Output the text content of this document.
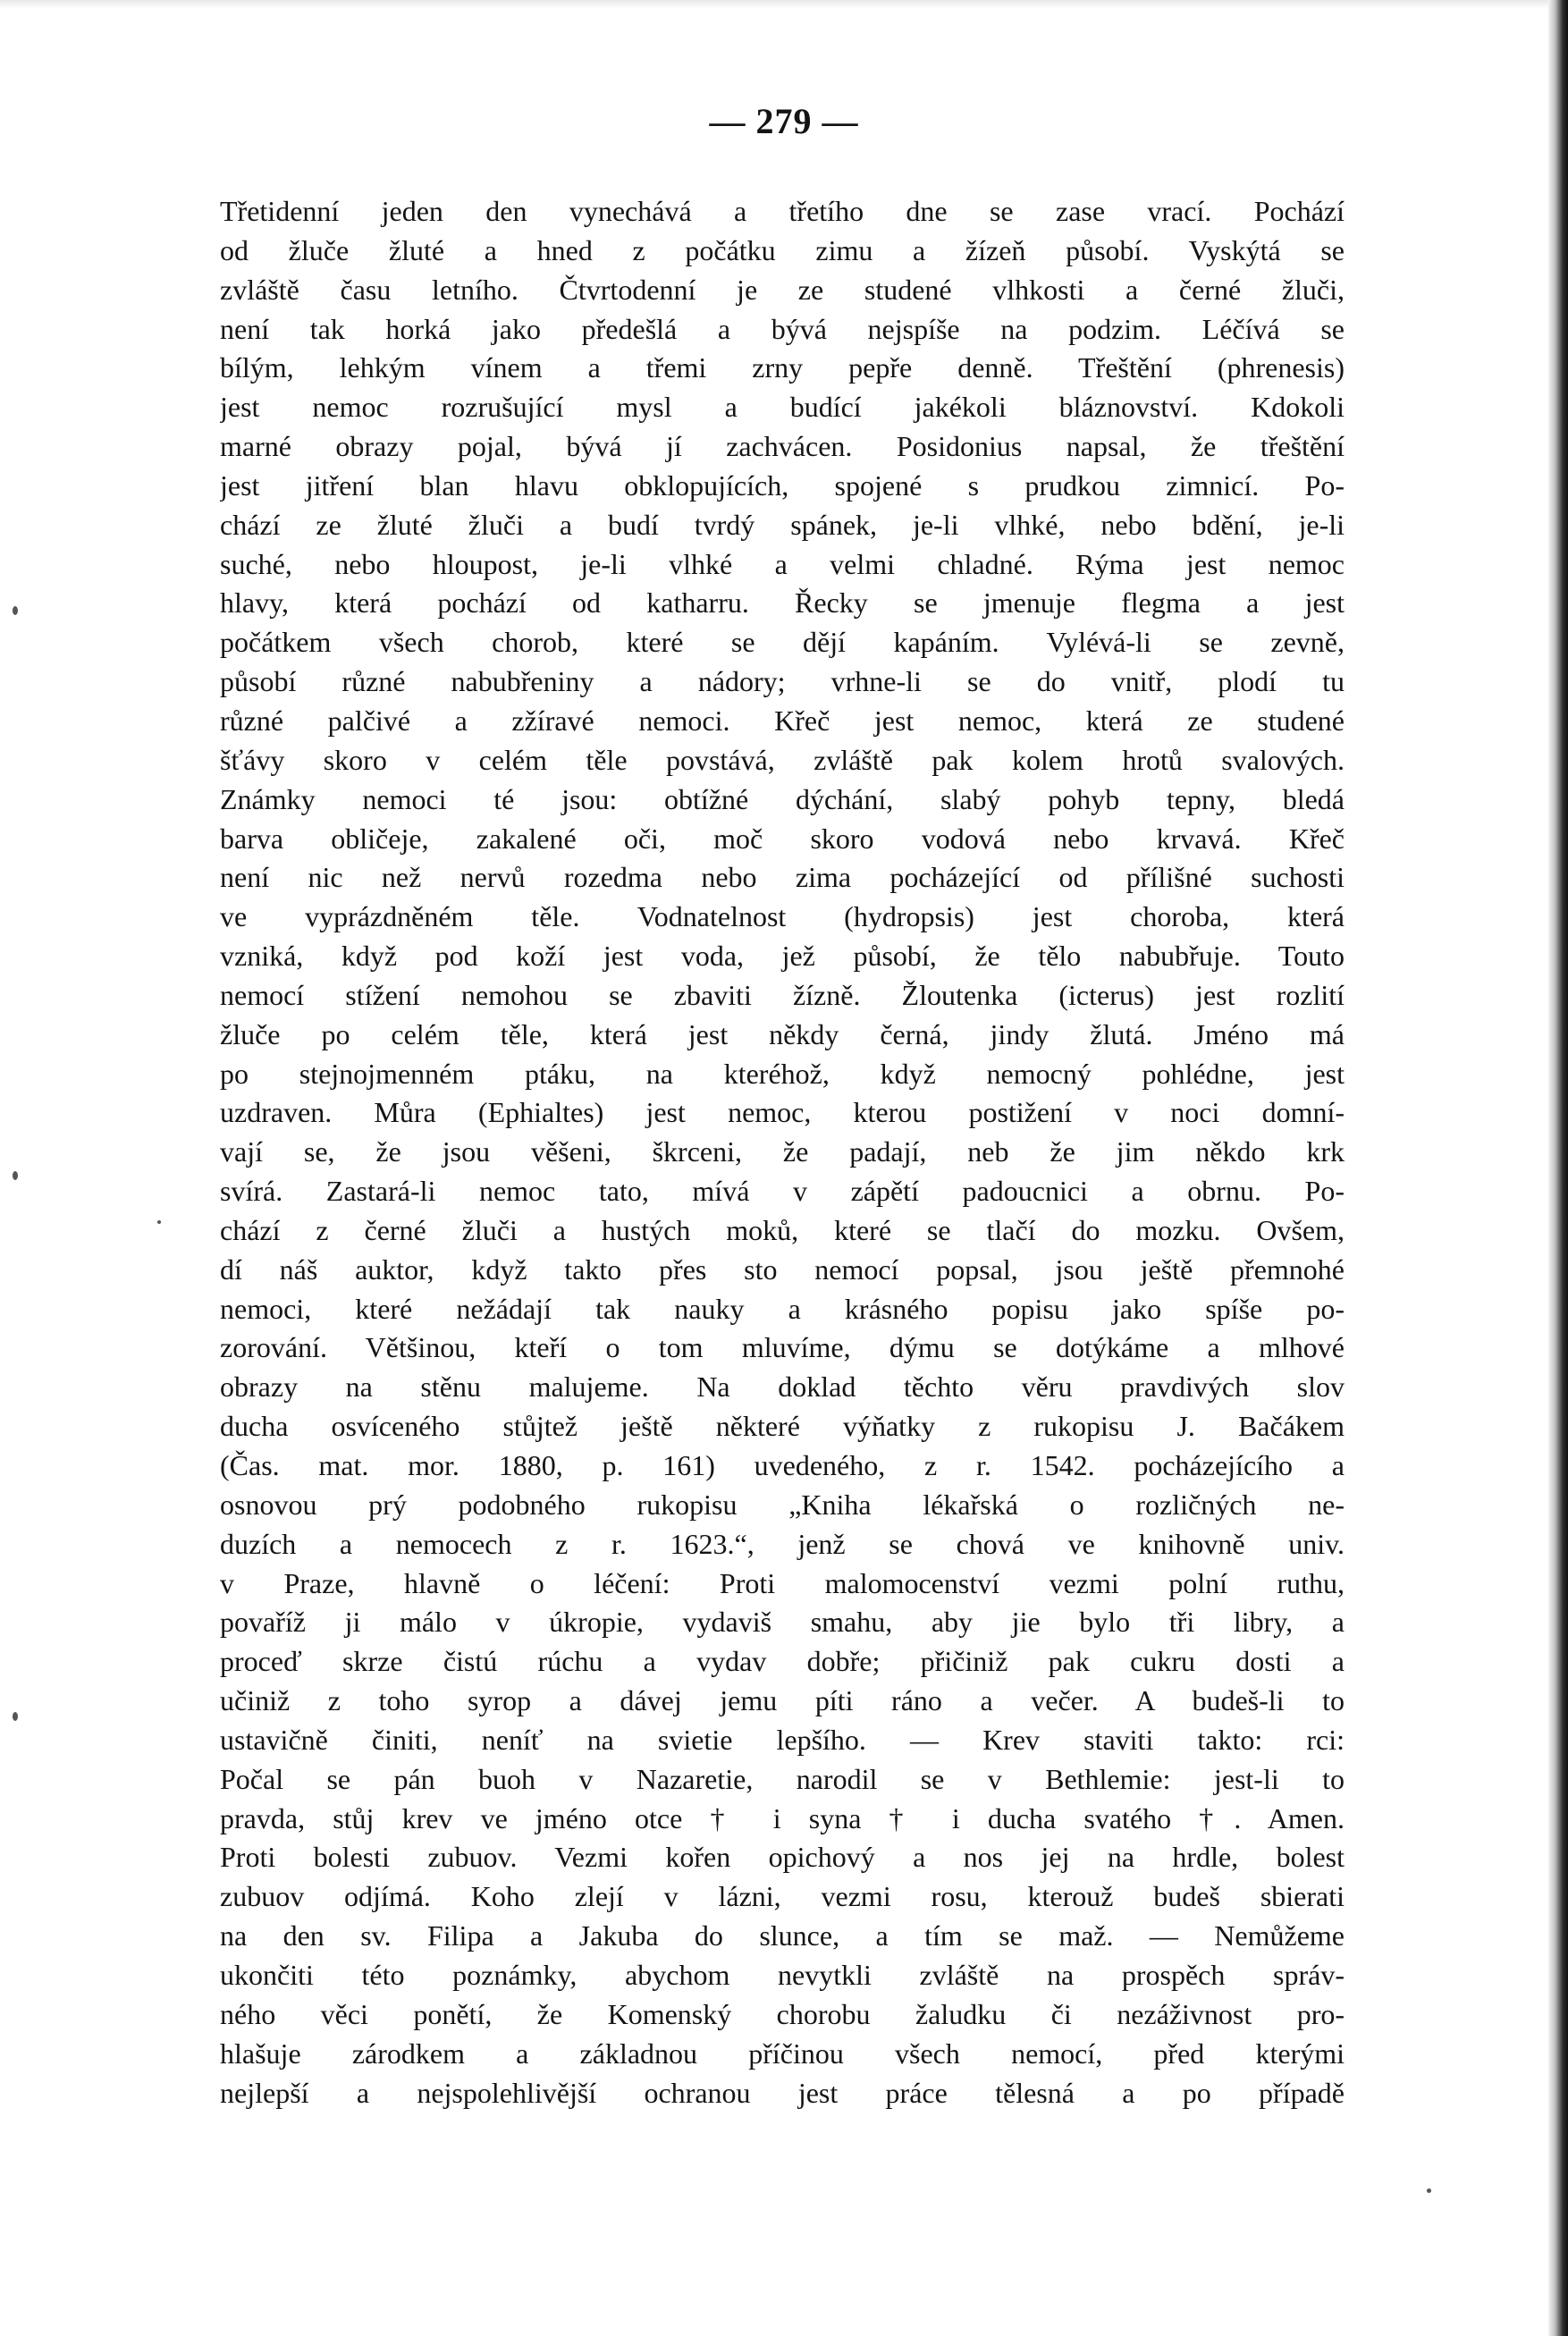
— 279 —
Třetidenní jeden den vynechává a třetího dne se zase vrací. Pochází
od žluče žluté a hned z počátku zimu a žízeň působí. Vyskýtá se
zvláště času letního. Čtvrtodenní je ze studené vlhkosti a černé žluči,
není tak horká jako předešlá a bývá nejspíše na podzim. Léčívá se
bílým, lehkým vínem a třemi zrny pepře denně. Třeštění (phrenesis)
jest nemoc rozrušující mysl a budící jakékoli bláznovství. Kdokoli
marné obrazy pojal, bývá jí zachvácen. Posidonius napsal, že třeštění
jest jitření blan hlavu obklopujících, spojené s prudkou zimnicí. Po-
chází ze žluté žluči a budí tvrdý spánek, je-li vlhké, nebo bdění, je-li
suché, nebo hloupost, je-li vlhké a velmi chladné. Rýma jest nemoc
hlavy, která pochází od katharru. Řecky se jmenuje flegma a jest
počátkem všech chorob, které se dějí kapáním. Vylévá-li se zevně,
působí různé nabubřeniny a nádory; vrhne-li se do vnitř, plodí tu
různé palčivé a zžíravé nemoci. Křeč jest nemoc, která ze studené
šťávy skoro v celém těle povstává, zvláště pak kolem hrotů svalových.
Známky nemoci té jsou: obtížné dýchání, slabý pohyb tepny, bledá
barva obličeje, zakalené oči, moč skoro vodová nebo krvavá. Křeč
není nic než nervů rozedma nebo zima pocházející od přílišné suchosti
ve vyprázdněném těle. Vodnatelnost (hydropsis) jest choroba, která
vzniká, když pod koží jest voda, jež působí, že tělo nabubřuje. Touto
nemocí stížení nemohou se zbaviti žízně. Žloutenka (icterus) jest rozlití
žluče po celém těle, která jest někdy černá, jindy žlutá. Jméno má
po stejnojmenném ptáku, na kteréhož, když nemocný pohlédne, jest
uzdraven. Můra (Ephialtes) jest nemoc, kterou postižení v noci domní-
vají se, že jsou věšeni, škrceni, že padají, neb že jim někdo krk
svírá. Zastará-li nemoc tato, mívá v zápětí padoucnici a obrnu. Po-
chází z černé žluči a hustých moků, které se tlačí do mozku. Ovšem,
dí náš auktor, když takto přes sto nemocí popsal, jsou ještě přemnohé
nemoci, které nežádají tak nauky a krásného popisu jako spíše po-
zorování. Většinou, kteří o tom mluvíme, dýmu se dotýkáme a mlhové
obrazy na stěnu malujeme. Na doklad těchto věru pravdivých slov
ducha osvíceného stůjtež ještě některé výňatky z rukopisu J. Bačákem
(Čas. mat. mor. 1880, p. 161) uvedeného, z r. 1542. pocházejícího a
osnovou prý podobného rukopisu „Kniha lékařská o rozličných ne-
duzích a nemocech z r. 1623.“, jenž se chová ve knihovně univ.
v Praze, hlavně o léčení: Proti malomocenství vezmi polní ruthu,
povaříž ji málo v úkropie, vydaviš smahu, aby jie bylo tři libry, a
proceď skrze čistú rúchu a vydav dobře; přičiniž pak cukru dosti a
učiniž z toho syrop a dávej jemu píti ráno a večer. A budeš-li to
ustavičně činiti, neníť na svietie lepšího. — Krev staviti takto: rci:
Počal se pán buoh v Nazaretie, narodil se v Bethlemie: jest-li to
pravda, stůj krev ve jméno otce † i syna † i ducha svatého †. Amen.
Proti bolesti zubuov. Vezmi kořen opichový a nos jej na hrdle, bolest
zubuov odjímá. Koho zlejí v lázni, vezmi rosu, kterouž budeš sbierati
na den sv. Filipa a Jakuba do slunce, a tím se maž. — Nemůžeme
ukončiti této poznámky, abychom nevytkli zvláště na prospěch správ-
ného věci ponětí, že Komenský chorobu žaludku či nezáživnost pro-
hlašuje zárodkem a základnou příčinou všech nemocí, před kterými
nejlepší a nejspolehlivější ochranou jest práce tělesná a po případě
